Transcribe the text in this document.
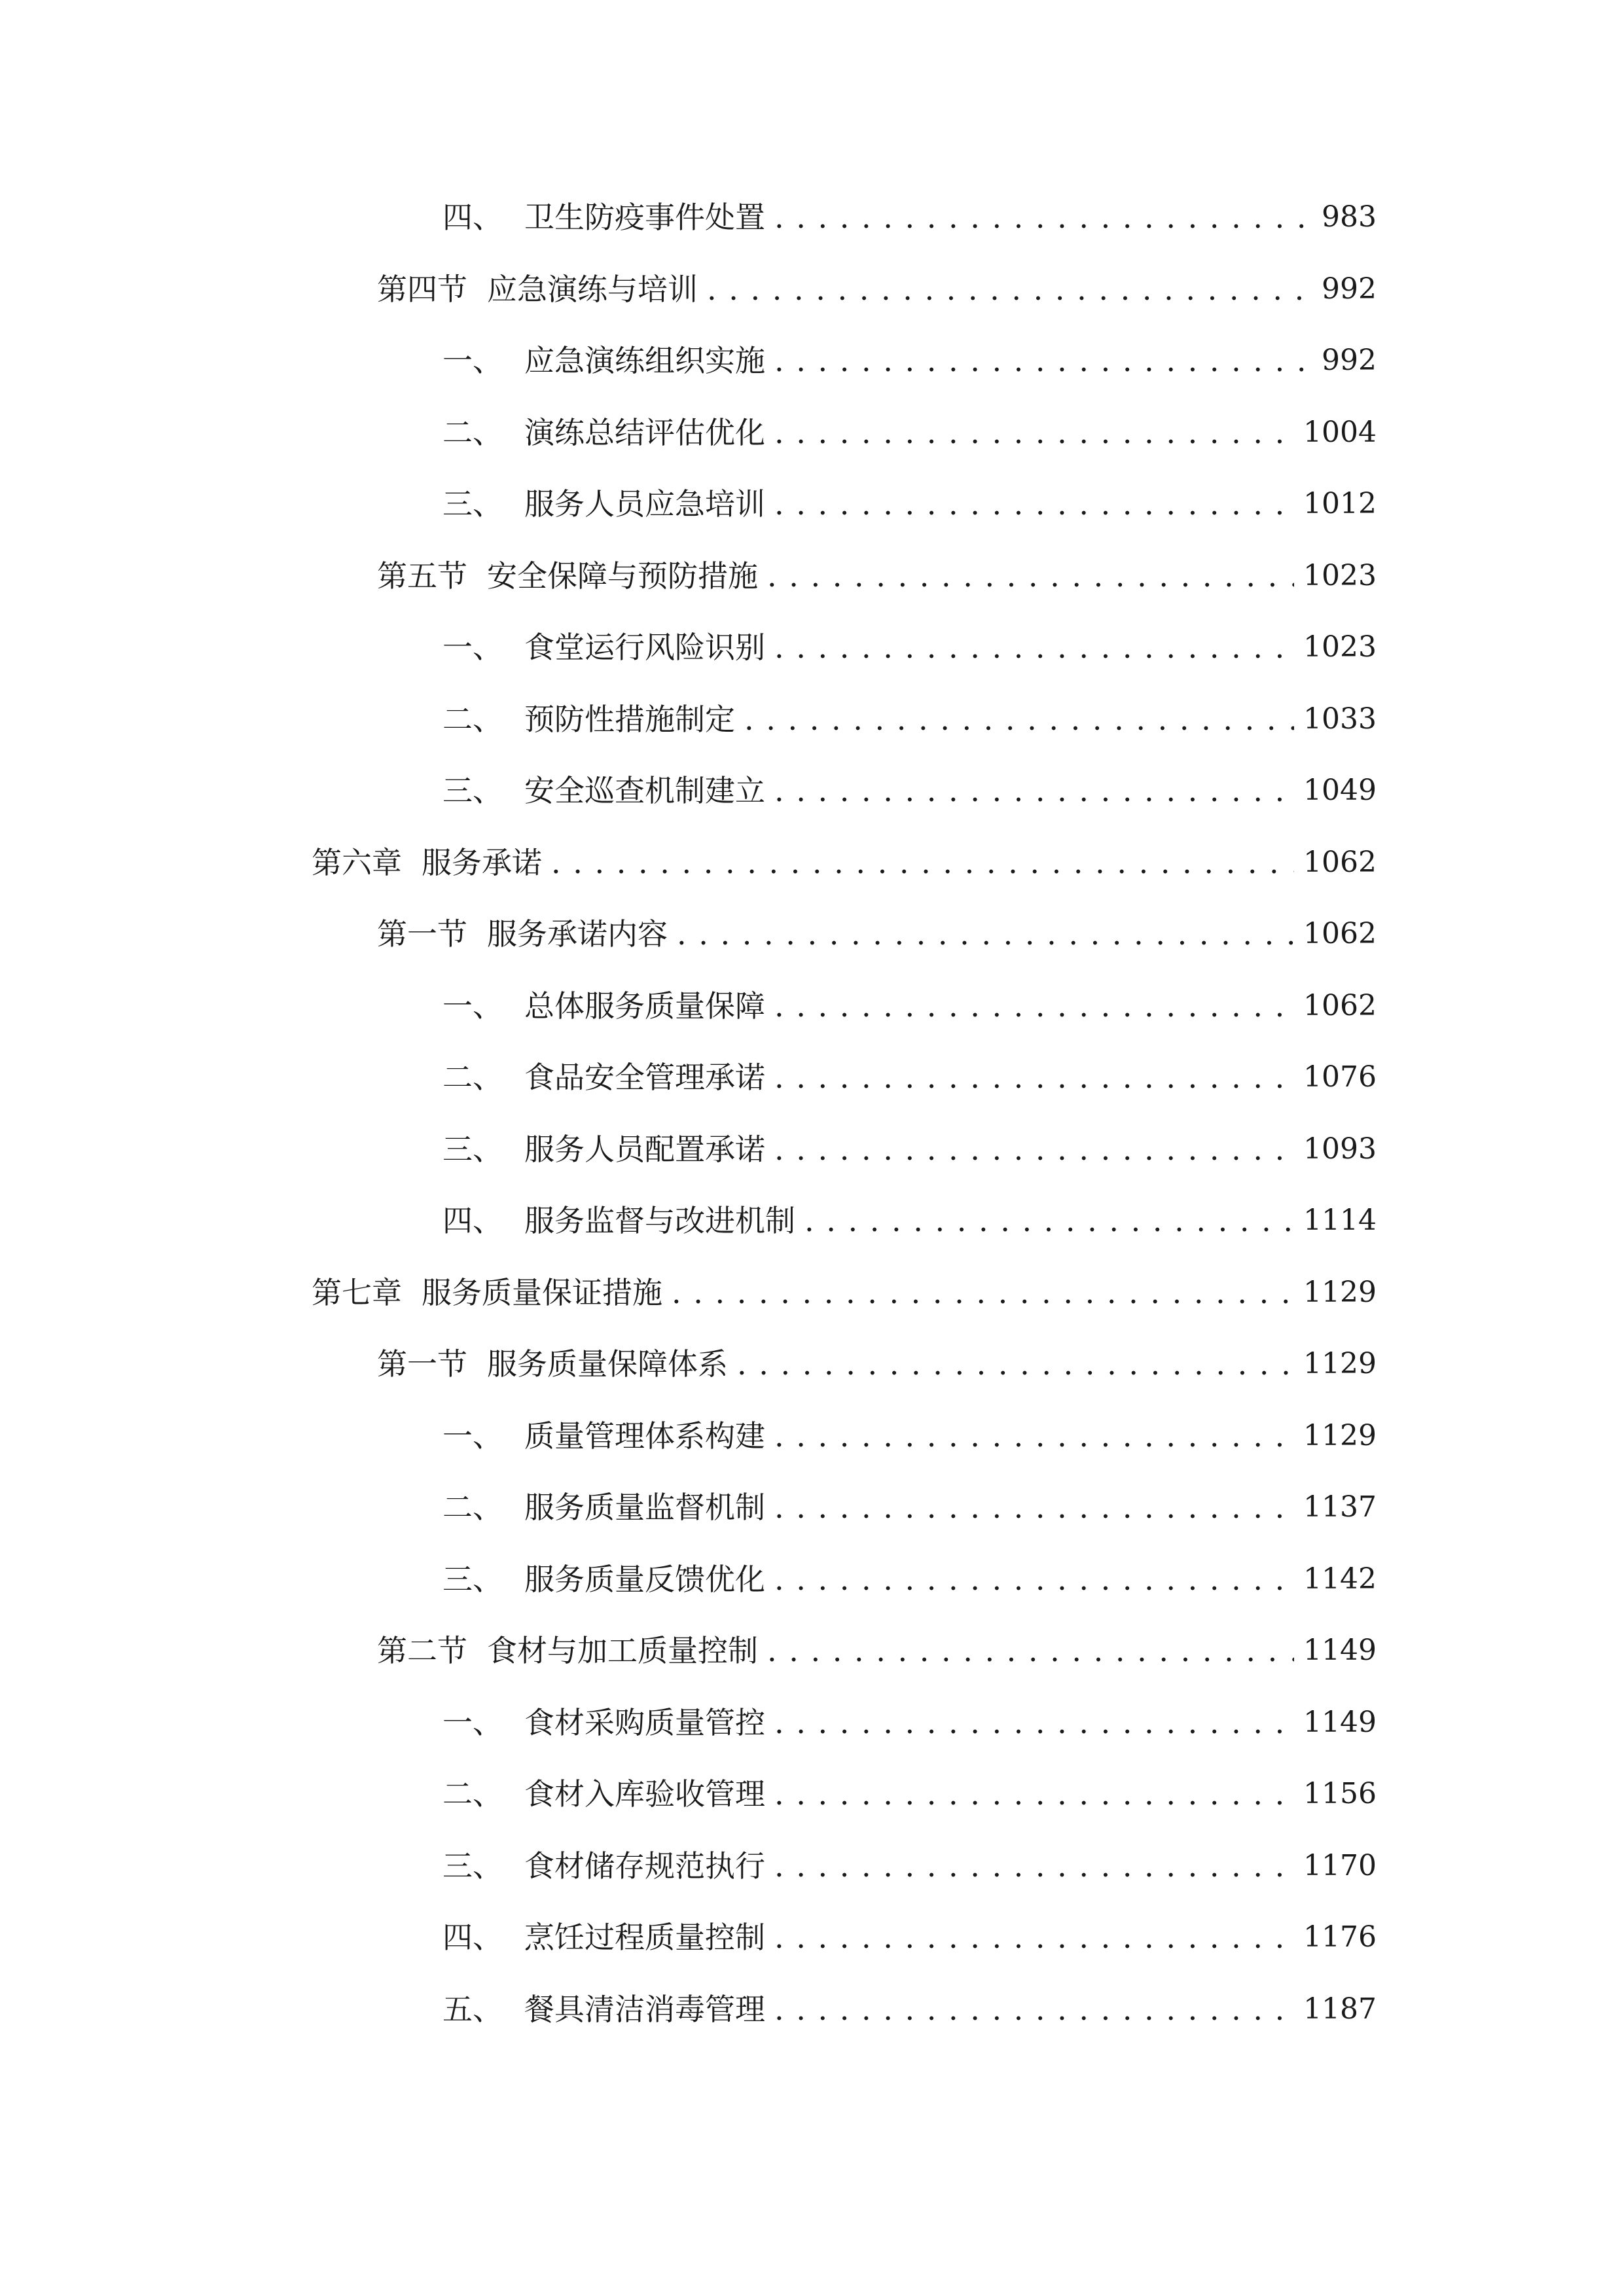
四、 卫生防疫事件处置 . . .	983
第四节 应急演练与培训 . . .	992
一、 应急演练组织实施 . . .	992
二、 演练总结评估优化 . . .	1004
三、 服务人员应急培训 . . .	1012
第五节 安全保障与预防措施 . . .	1023
一、 食堂运行风险识别 . . .	1023
二、 预防性措施制定 . . .	1033
三、 安全巡查机制建立 . . .	1049
第六章 服务承诺 . . .	1062
第一节 服务承诺内容 . . .	1062
一、 总体服务质量保障 . . .	1062
二、 食品安全管理承诺 . . .	1076
三、 服务人员配置承诺 . . .	1093
四、 服务监督与改进机制 . . .	1114
第七章 服务质量保证措施 . . .	1129
第一节 服务质量保障体系 . . .	1129
一、 质量管理体系构建 . . .	1129
二、 服务质量监督机制 . . .	1137
三、 服务质量反馈优化 . . .	1142
第二节 食材与加工质量控制 . . .	1149
一、 食材采购质量管控 . . .	1149
二、 食材入库验收管理 . . .	1156
三、 食材储存规范执行 . . .	1170
四、 烹饪过程质量控制 . . .	1176
五、 餐具清洁消毒管理 . . .	1187
